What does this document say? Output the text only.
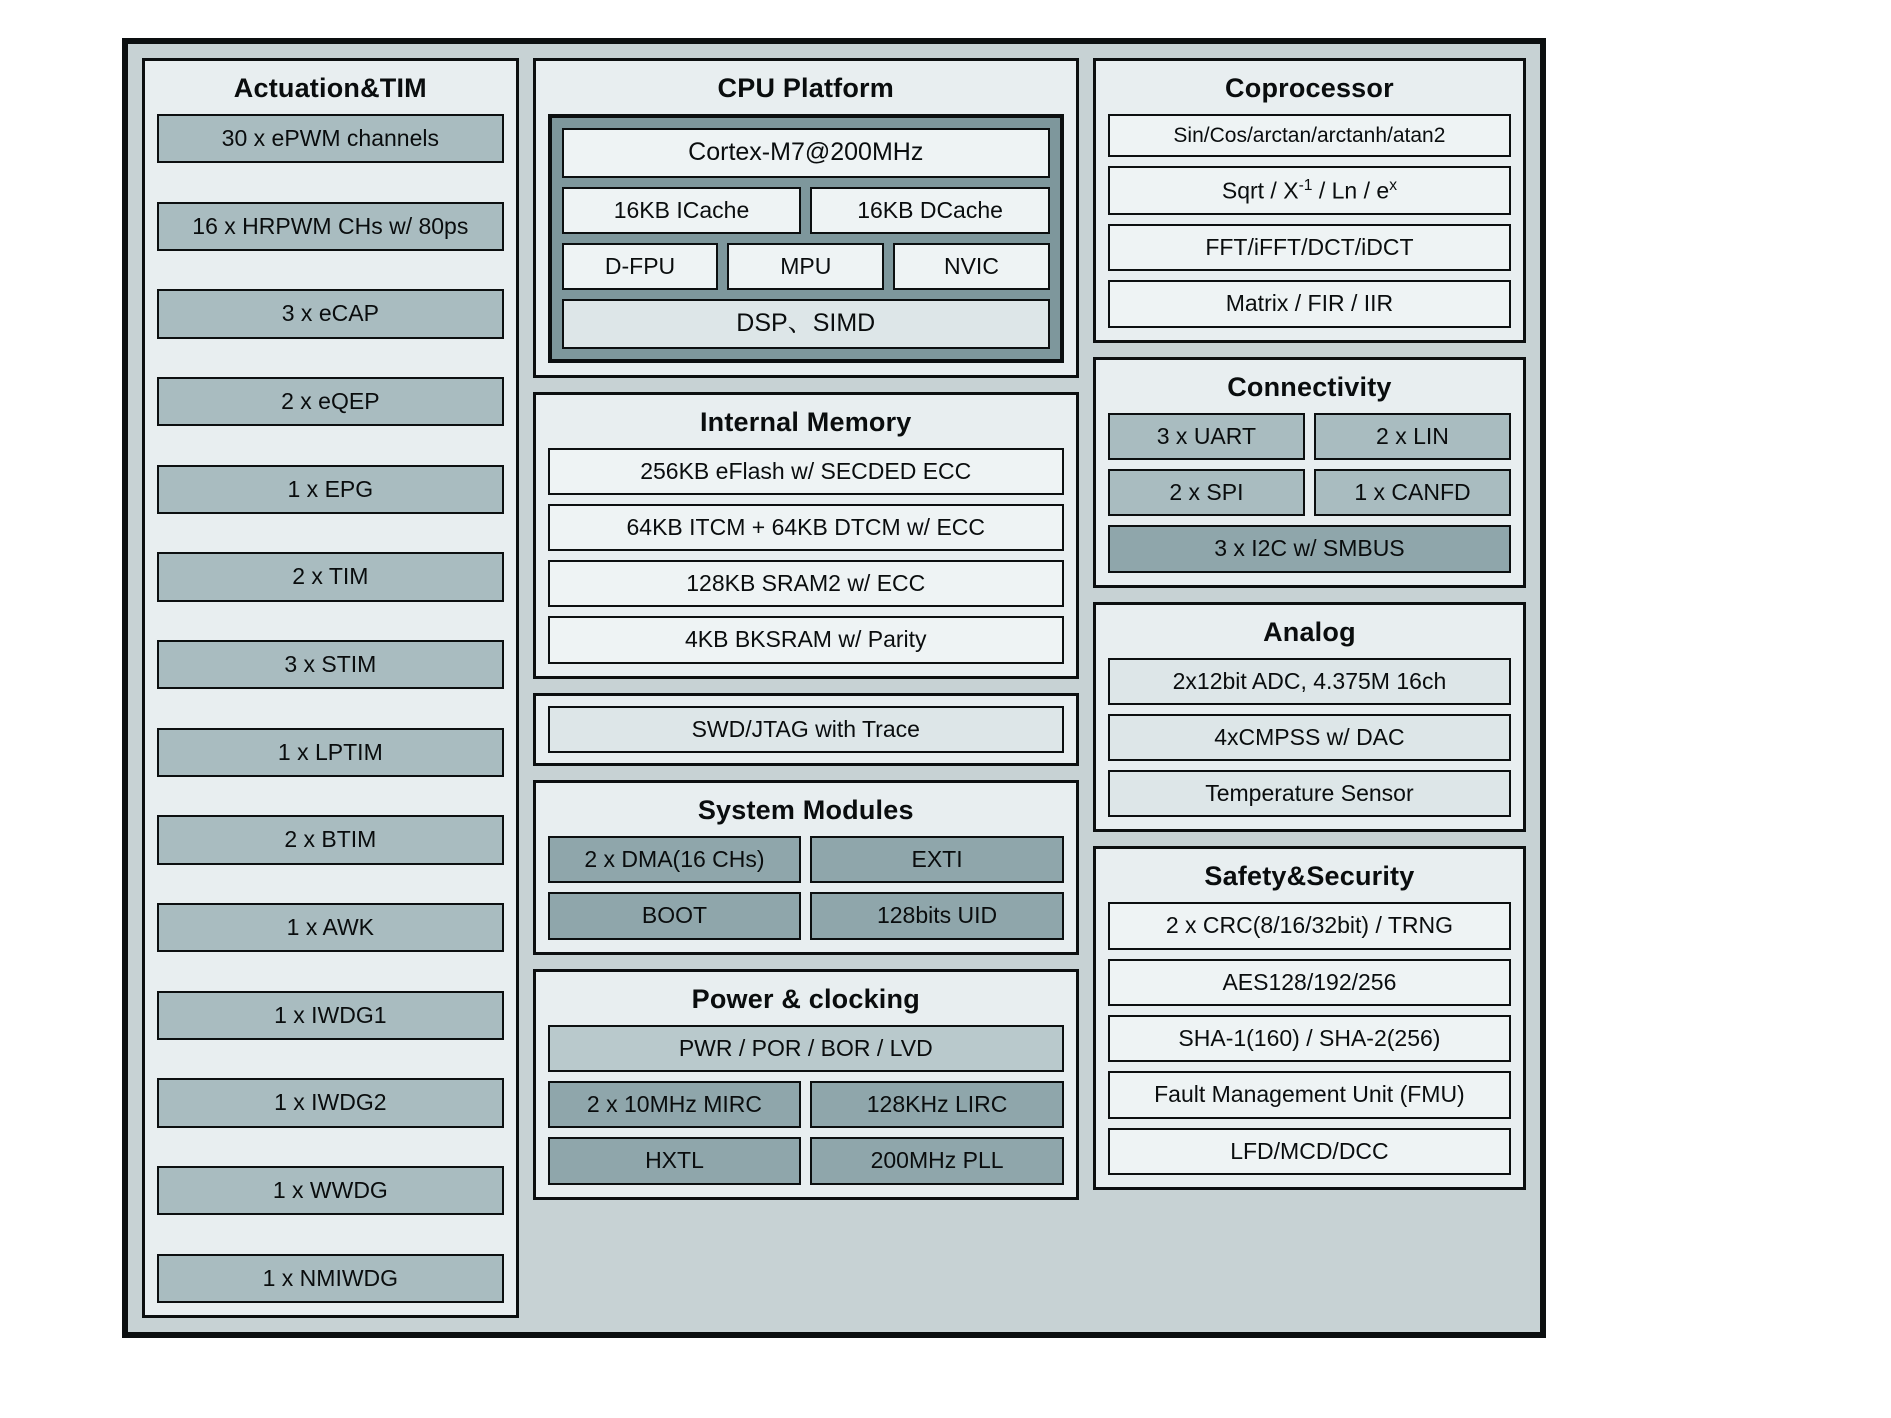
Actuation&TIM
30 x ePWM channels
16 x HRPWM CHs w/ 80ps
3 x eCAP
2 x eQEP
1 x EPG
2 x TIM
3 x STIM
1 x LPTIM
2 x BTIM
1 x AWK
1 x IWDG1
1 x IWDG2
1 x WWDG
1 x NMIWDG
CPU Platform
Cortex-M7@200MHz
16KB ICache	16KB DCache
D-FPU	MPU	NVIC
DSP、SIMD
Internal Memory
256KB eFlash w/ SECDED ECC
64KB ITCM + 64KB DTCM w/ ECC
128KB SRAM2 w/ ECC
4KB BKSRAM w/ Parity
SWD/JTAG with Trace
System Modules
2 x DMA(16 CHs)	EXTI
BOOT	128bits UID
Power & clocking
PWR / POR / BOR / LVD
2 x 10MHz MIRC	128KHz LIRC
HXTL	200MHz PLL
Coprocessor
Sin/Cos/arctan/arctanh/atan2
Sqrt / $X^{-1}$ / Ln / $e^x$
FFT/iFFT/DCT/iDCT
Matrix / FIR / IIR
Connectivity
3 x UART	2 x LIN
2 x SPI	1 x CANFD
3 x I2C w/ SMBUS
Analog
2x12bit ADC, 4.375M 16ch
4xCMPSS w/ DAC
Temperature Sensor
Safety&Security
2 x CRC(8/16/32bit) / TRNG
AES128/192/256
SHA-1(160) / SHA-2(256)
Fault Management Unit (FMU)
LFD/MCD/DCC
